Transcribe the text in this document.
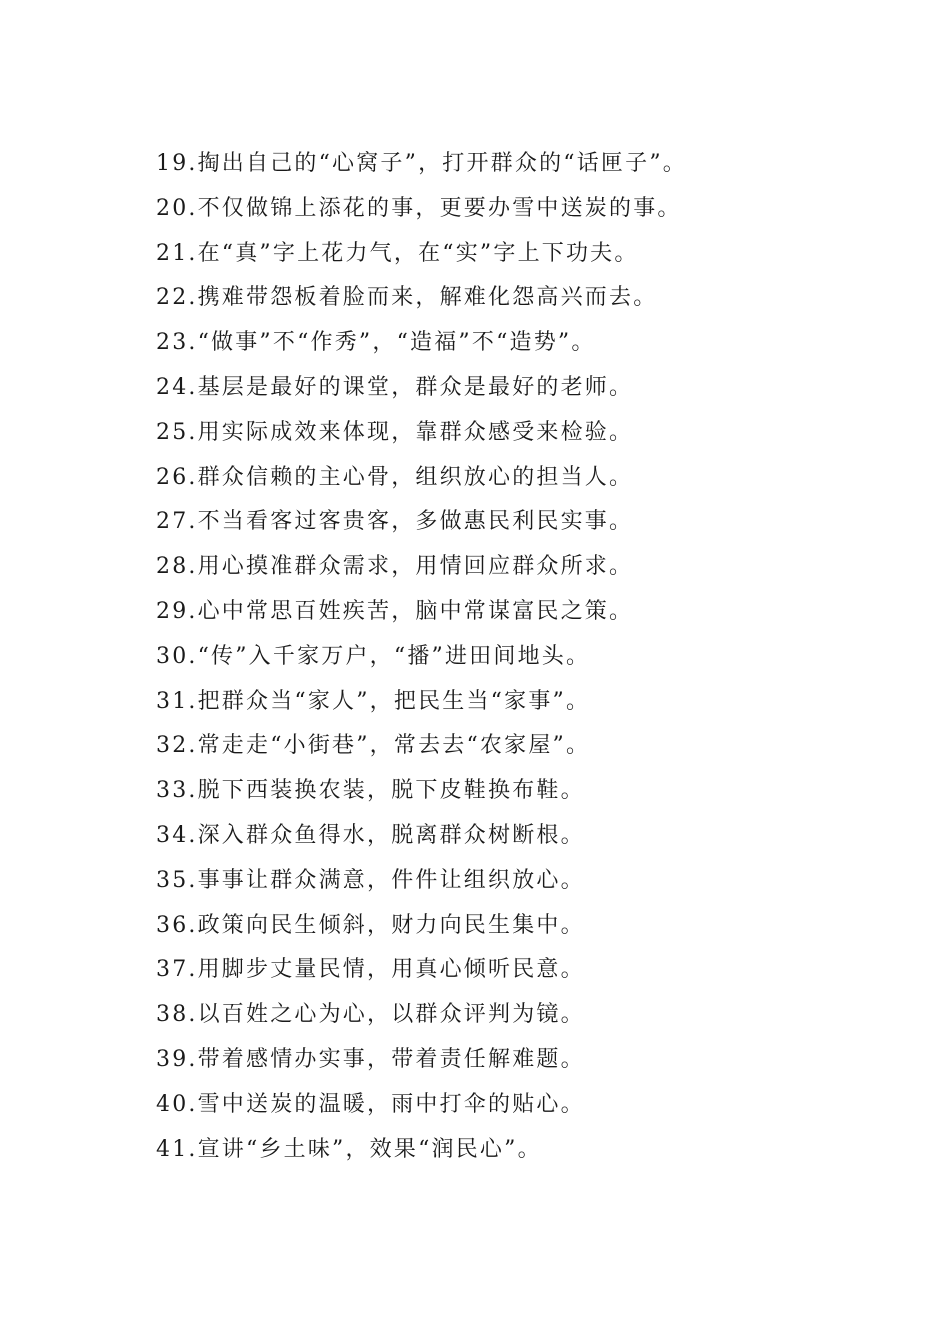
19.掏出自己的“心窝子”，打开群众的“话匣子”。
20.不仅做锦上添花的事，更要办雪中送炭的事。
21.在“真”字上花力气，在“实”字上下功夫。
22.携难带怨板着脸而来，解难化怨高兴而去。
23.“做事”不“作秀”，“造福”不“造势”。
24.基层是最好的课堂，群众是最好的老师。
25.用实际成效来体现，靠群众感受来检验。
26.群众信赖的主心骨，组织放心的担当人。
27.不当看客过客贵客，多做惠民利民实事。
28.用心摸准群众需求，用情回应群众所求。
29.心中常思百姓疾苦，脑中常谋富民之策。
30.“传”入千家万户，“播”进田间地头。
31.把群众当“家人”，把民生当“家事”。
32.常走走“小街巷”，常去去“农家屋”。
33.脱下西装换农装，脱下皮鞋换布鞋。
34.深入群众鱼得水，脱离群众树断根。
35.事事让群众满意，件件让组织放心。
36.政策向民生倾斜，财力向民生集中。
37.用脚步丈量民情，用真心倾听民意。
38.以百姓之心为心，以群众评判为镜。
39.带着感情办实事，带着责任解难题。
40.雪中送炭的温暖，雨中打伞的贴心。
41.宣讲“乡土味”，效果“润民心”。
